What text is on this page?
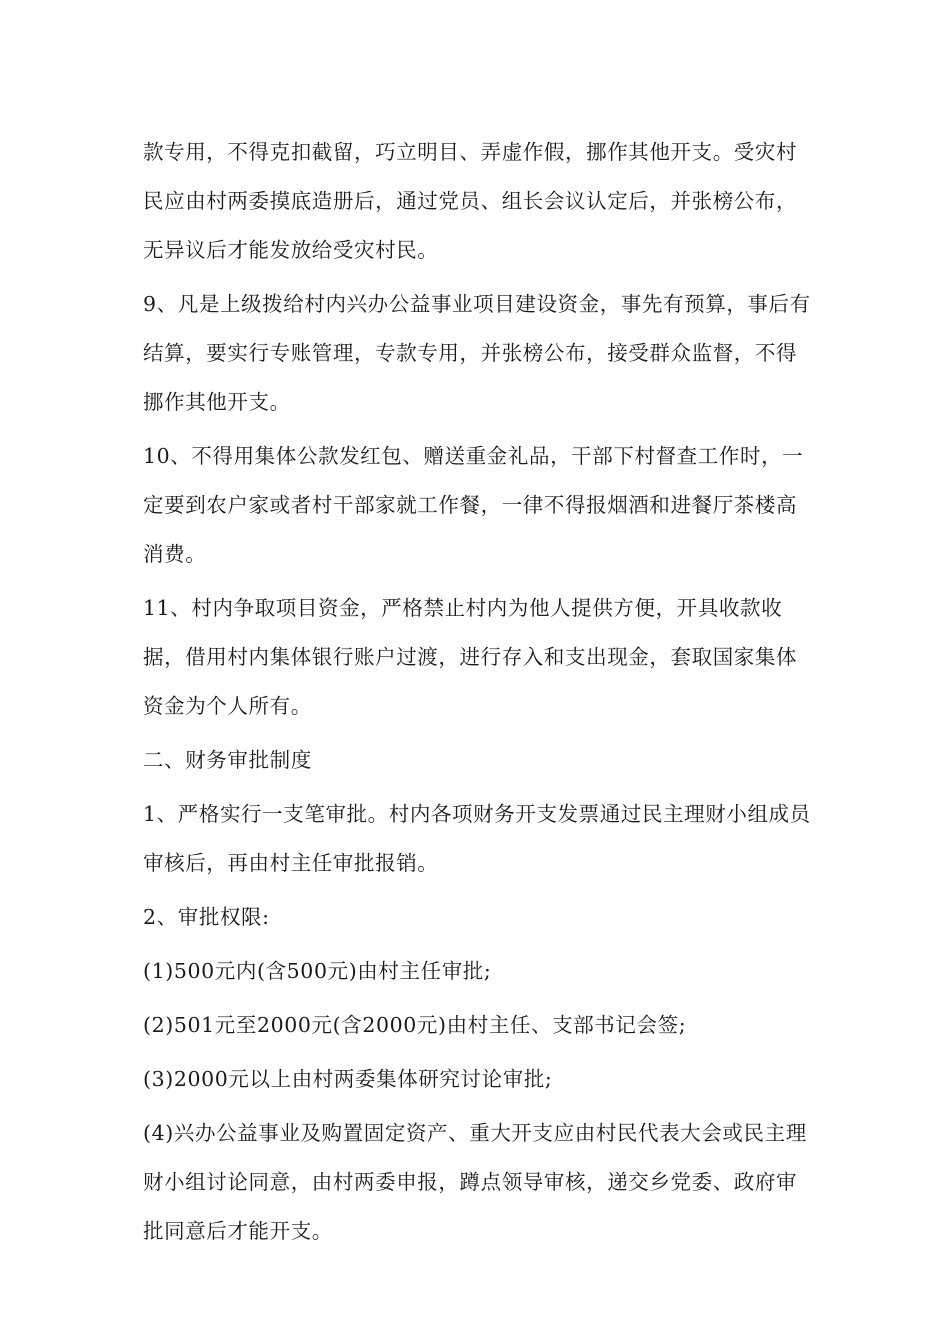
款专用，不得克扣截留，巧立明目、弄虚作假，挪作其他开支。受灾村民应由村两委摸底造册后，通过党员、组长会议认定后，并张榜公布，无异议后才能发放给受灾村民。

9、凡是上级拨给村内兴办公益事业项目建设资金，事先有预算，事后有结算，要实行专账管理，专款专用，并张榜公布，接受群众监督，不得挪作其他开支。

10、不得用集体公款发红包、赠送重金礼品，干部下村督查工作时，一定要到农户家或者村干部家就工作餐，一律不得报烟酒和进餐厅茶楼高消费。

11、村内争取项目资金，严格禁止村内为他人提供方便，开具收款收据，借用村内集体银行账户过渡，进行存入和支出现金，套取国家集体资金为个人所有。

二、财务审批制度

1、严格实行一支笔审批。村内各项财务开支发票通过民主理财小组成员审核后，再由村主任审批报销。

2、审批权限:

(1)500元内(含500元)由村主任审批;

(2)501元至2000元(含2000元)由村主任、支部书记会签;

(3)2000元以上由村两委集体研究讨论审批;

(4)兴办公益事业及购置固定资产、重大开支应由村民代表大会或民主理财小组讨论同意，由村两委申报，蹲点领导审核，递交乡党委、政府审批同意后才能开支。
